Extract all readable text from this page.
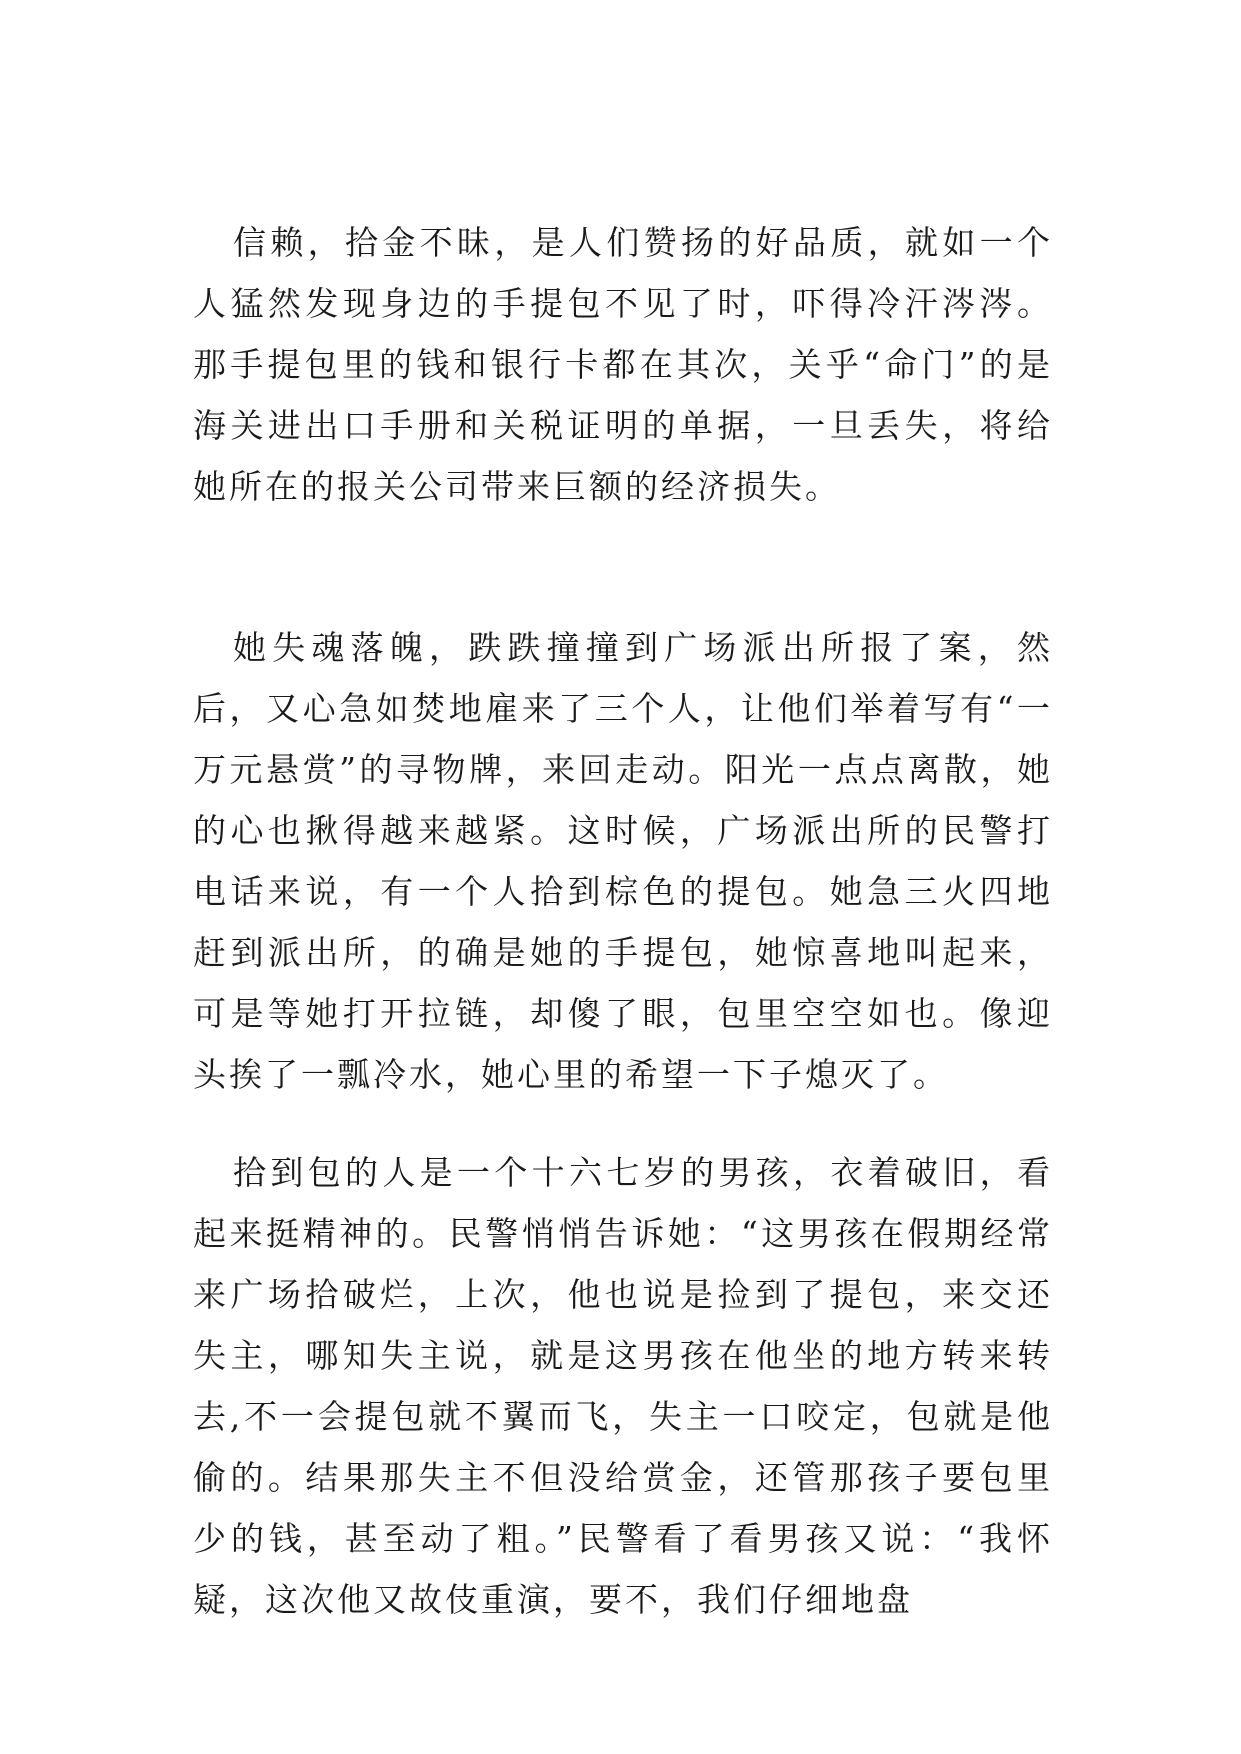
信赖，拾金不昧，是人们赞扬的好品质，就如一个人猛然发现身边的手提包不见了时，吓得冷汗涔涔。那手提包里的钱和银行卡都在其次，关乎“命门”的是海关进出口手册和关税证明的单据，一旦丢失，将给她所在的报关公司带来巨额的经济损失。

她失魂落魄，跌跌撞撞到广场派出所报了案，然后，又心急如焚地雇来了三个人，让他们举着写有“一万元悬赏”的寻物牌，来回走动。阳光一点点离散，她的心也揪得越来越紧。这时候，广场派出所的民警打电话来说，有一个人拾到棕色的提包。她急三火四地赶到派出所，的确是她的手提包，她惊喜地叫起来，可是等她打开拉链，却傻了眼，包里空空如也。像迎头挨了一瓢冷水，她心里的希望一下子熄灭了。

拾到包的人是一个十六七岁的男孩，衣着破旧，看起来挺精神的。民警悄悄告诉她：“这男孩在假期经常来广场拾破烂，上次，他也说是捡到了提包，来交还失主，哪知失主说，就是这男孩在他坐的地方转来转去,不一会提包就不翼而飞，失主一口咬定，包就是他偷的。结果那失主不但没给赏金，还管那孩子要包里少的钱，甚至动了粗。”民警看了看男孩又说：“我怀疑，这次他又故伎重演，要不，我们仔细地盘
